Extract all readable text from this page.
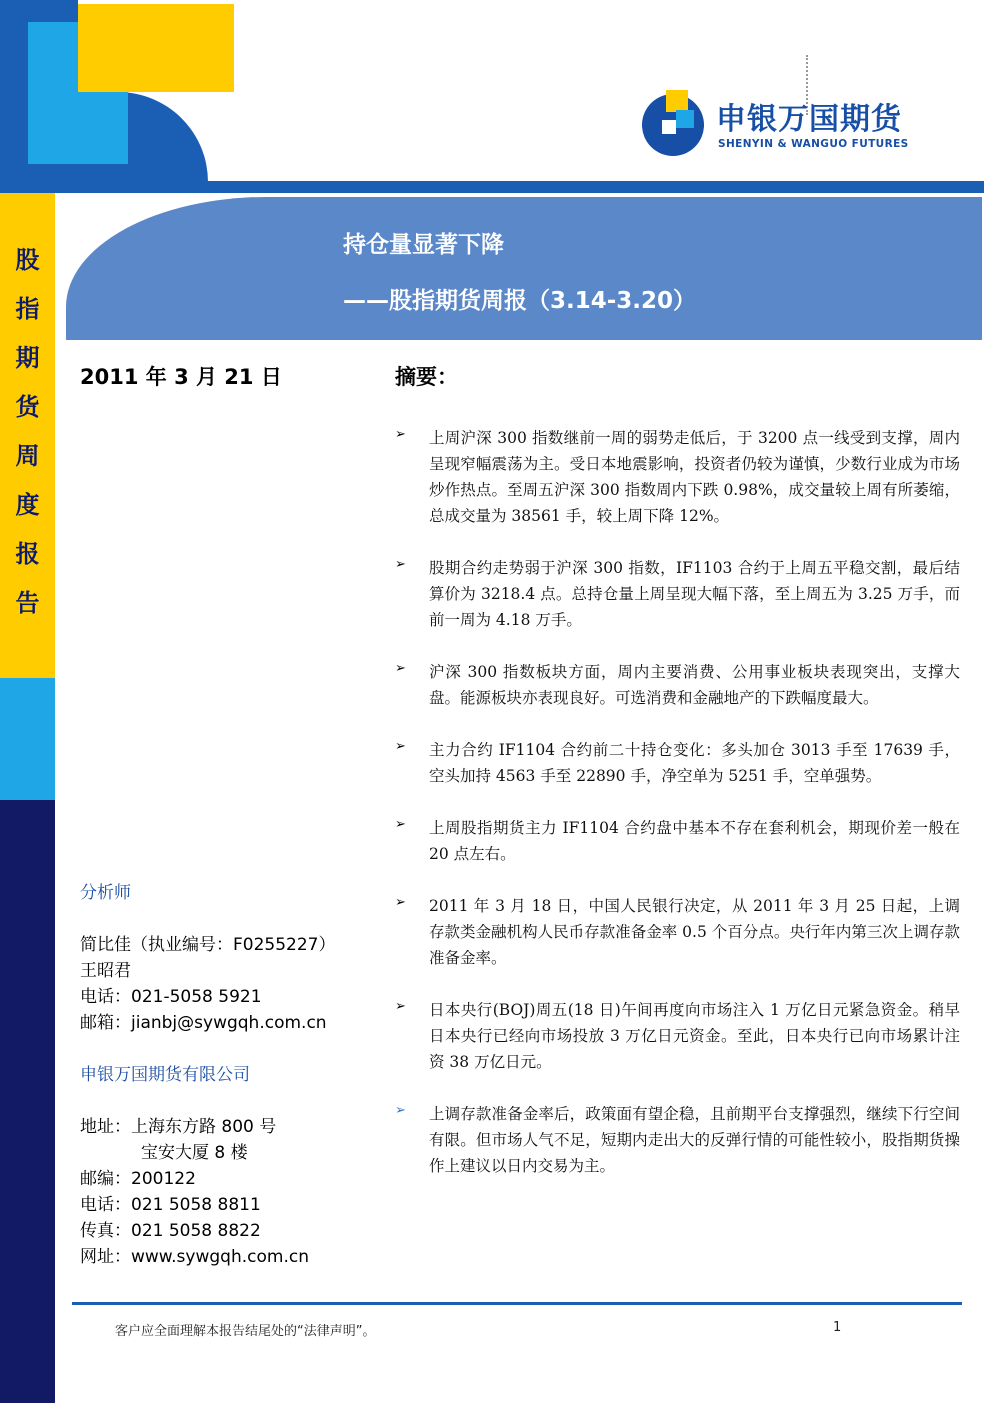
申银万国期货
SHENYIN & WANGUO FUTURES
股
指
期
货
周
度
报
告
持仓量显著下降
——股指期货周报（3.14-3.20）
2011 年 3 月 21 日	摘要：
➢ 上周沪深 300 指数继前一周的弱势走低后，于 3200 点一线受到支撑，周内呈现窄幅震荡为主。受日本地震影响，投资者仍较为谨慎，少数行业成为市场炒作热点。至周五沪深 300 指数周内下跌 0.98%，成交量较上周有所萎缩，总成交量为 38561 手，较上周下降 12%。
➢ 股期合约走势弱于沪深 300 指数，IF1103 合约于上周五平稳交割，最后结算价为 3218.4 点。总持仓量上周呈现大幅下落，至上周五为 3.25 万手，而前一周为 4.18 万手。
➢ 沪深 300 指数板块方面，周内主要消费、公用事业板块表现突出，支撑大盘。能源板块亦表现良好。可选消费和金融地产的下跌幅度最大。
➢ 主力合约 IF1104 合约前二十持仓变化：多头加仓 3013 手至 17639 手，空头加持 4563 手至 22890 手，净空单为 5251 手，空单强势。
➢ 上周股指期货主力 IF1104 合约盘中基本不存在套利机会，期现价差一般在 20 点左右。
➢ 2011 年 3 月 18 日，中国人民银行决定，从 2011 年 3 月 25 日起，上调存款类金融机构人民币存款准备金率 0.5 个百分点。央行年内第三次上调存款准备金率。
➢ 日本央行(BOJ)周五(18 日)午间再度向市场注入 1 万亿日元紧急资金。稍早日本央行已经向市场投放 3 万亿日元资金。至此，日本央行已向市场累计注资 38 万亿日元。
➢ 上调存款准备金率后，政策面有望企稳，且前期平台支撑强烈，继续下行空间有限。但市场人气不足，短期内走出大的反弹行情的可能性较小，股指期货操作上建议以日内交易为主。
分析师
简比佳（执业编号：F0255227）
王昭君
电话：021-5058 5921
邮箱：jianbj@sywgqh.com.cn
申银万国期货有限公司
地址：上海东方路 800 号
宝安大厦 8 楼
邮编：200122
电话：021 5058 8811
传真：021 5058 8822
网址：www.sywgqh.com.cn
客户应全面理解本报告结尾处的“法律声明”。	1
